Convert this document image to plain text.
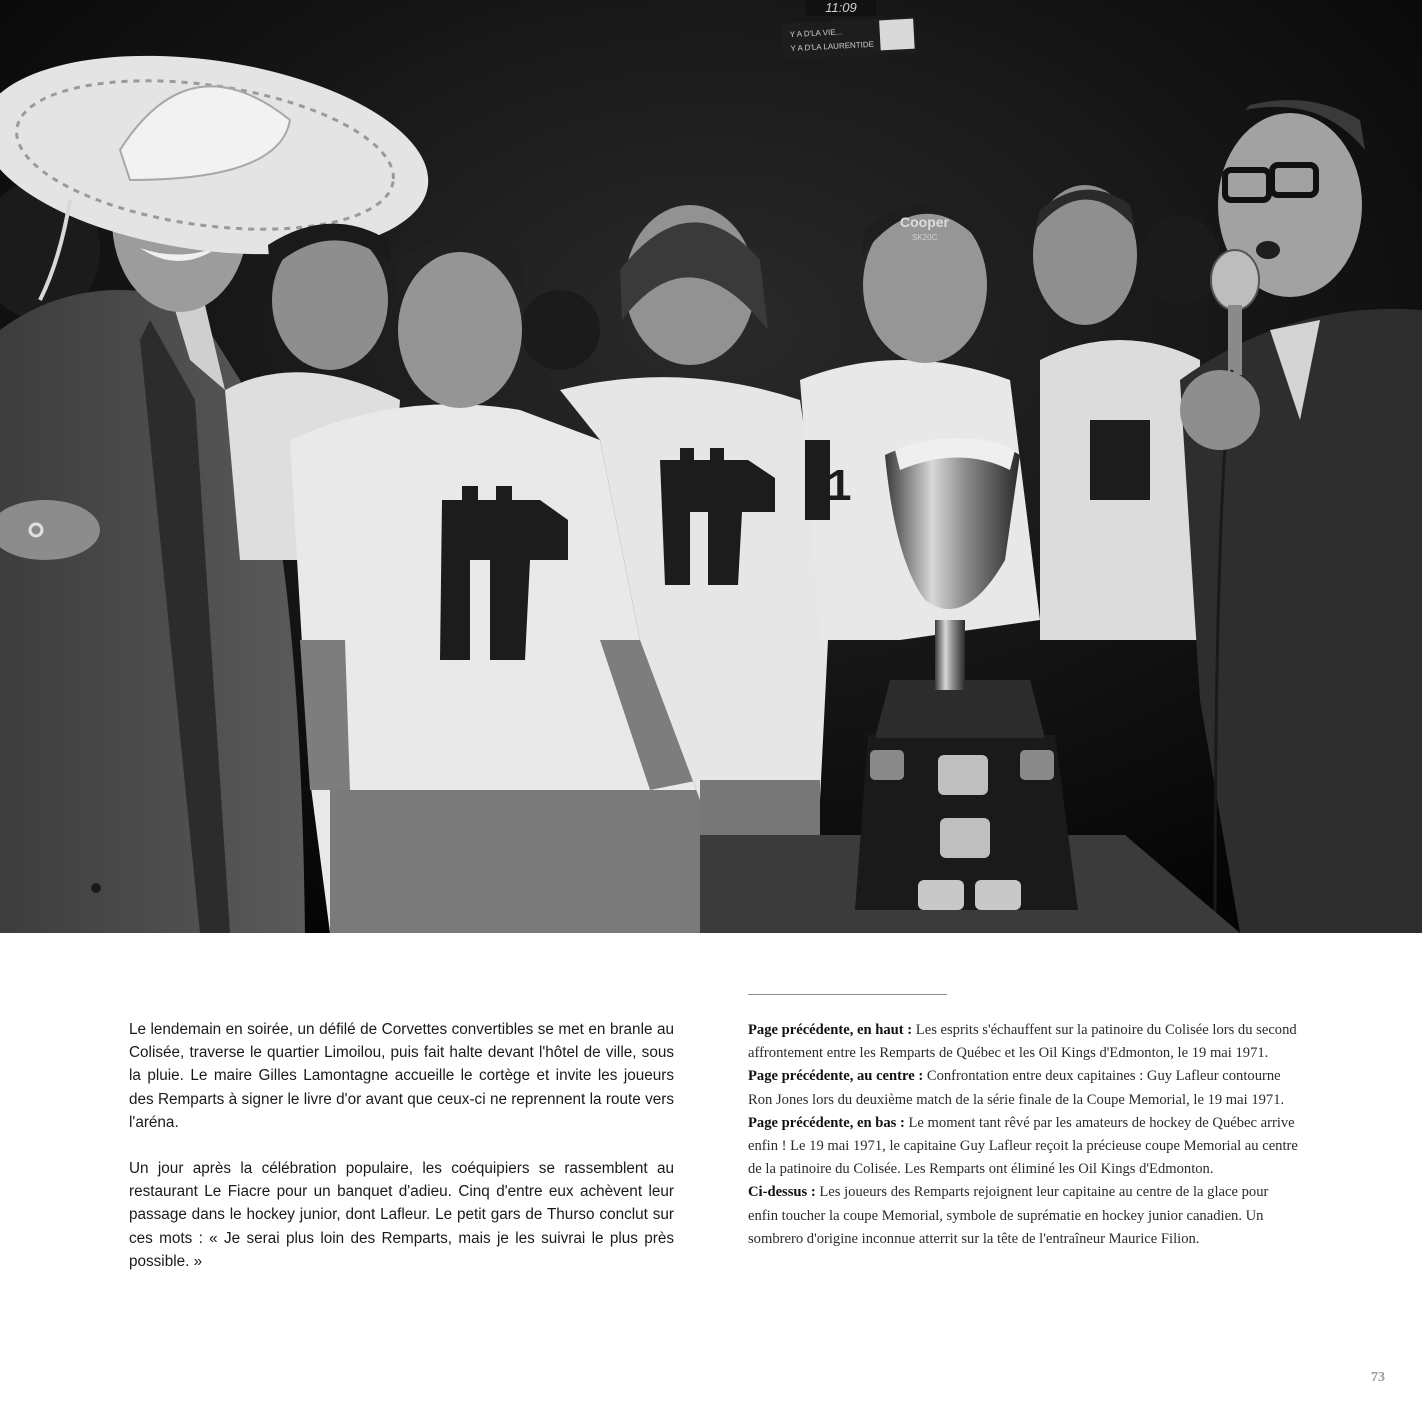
11:09
Y A D'LA VIE...
Y A D'LA LAURENTIDE
11
Cooper
SK20C

Le lendemain en soirée, un défilé de Corvettes convertibles se met en branle au Colisée, traverse le quartier Limoilou, puis fait halte devant l'hôtel de ville, sous la pluie. Le maire Gilles Lamontagne accueille le cortège et invite les joueurs des Remparts à signer le livre d'or avant que ceux-ci ne reprennent la route vers l'aréna.

Un jour après la célébration populaire, les coéquipiers se rassemblent au restaurant Le Fiacre pour un banquet d'adieu. Cinq d'entre eux achèvent leur passage dans le hockey junior, dont Lafleur. Le petit gars de Thurso conclut sur ces mots : « Je serai plus loin des Remparts, mais je les suivrai le plus près possible. »

Page précédente, en haut : Les esprits s'échauffent sur la patinoire du Colisée lors du second affrontement entre les Remparts de Québec et les Oil Kings d'Edmonton, le 19 mai 1971.

Page précédente, au centre : Confrontation entre deux capitaines : Guy Lafleur contourne Ron Jones lors du deuxième match de la série finale de la Coupe Memorial, le 19 mai 1971.

Page précédente, en bas : Le moment tant rêvé par les amateurs de hockey de Québec arrive enfin ! Le 19 mai 1971, le capitaine Guy Lafleur reçoit la précieuse coupe Memorial au centre de la patinoire du Colisée. Les Remparts ont éliminé les Oil Kings d'Edmonton.

Ci-dessus : Les joueurs des Remparts rejoignent leur capitaine au centre de la glace pour enfin toucher la coupe Memorial, symbole de suprématie en hockey junior canadien. Un sombrero d'origine inconnue atterrit sur la tête de l'entraîneur Maurice Filion.

73
